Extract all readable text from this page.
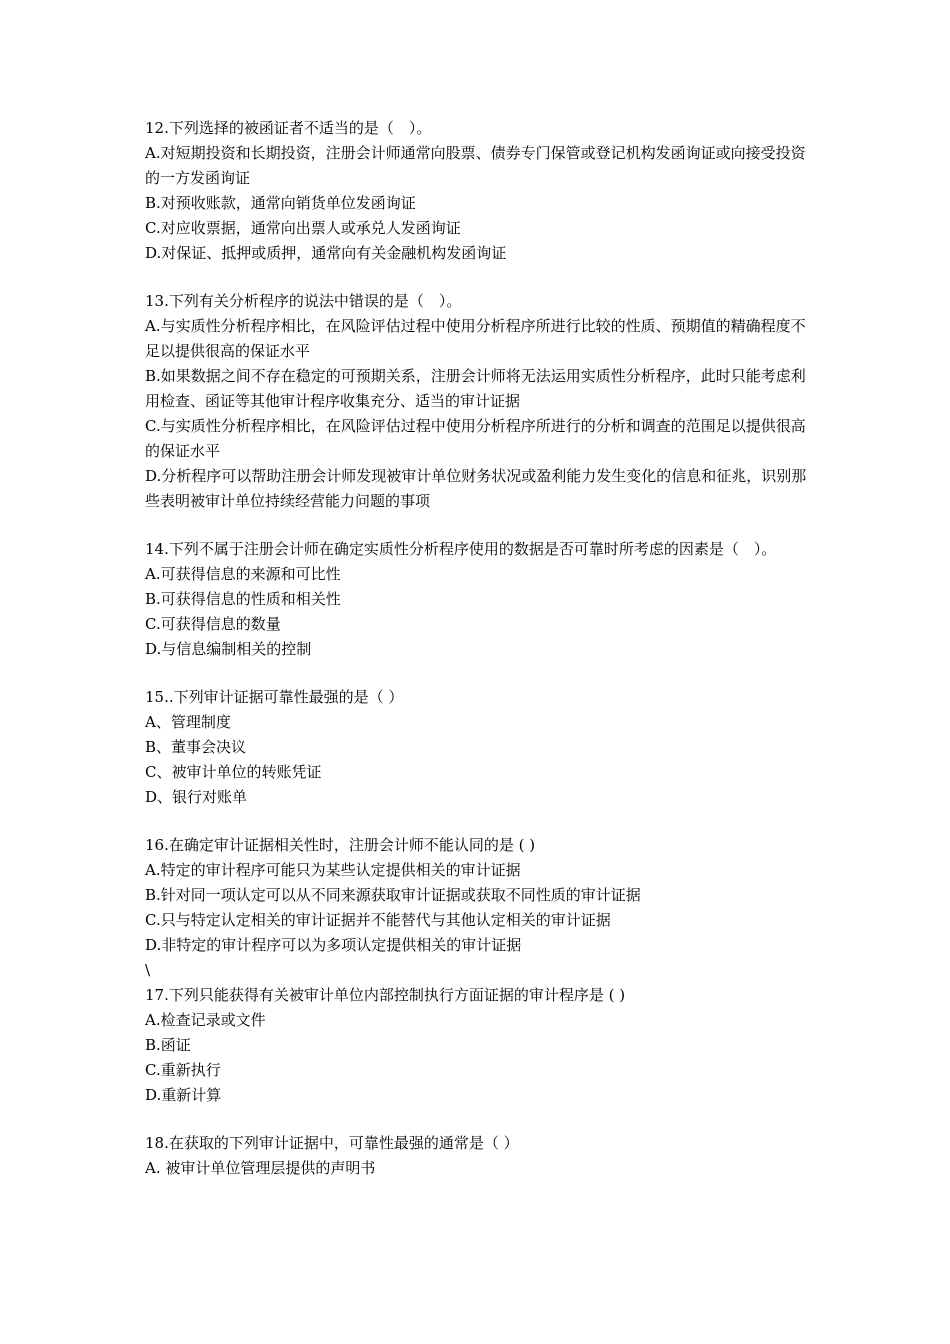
12.下列选择的被函证者不适当的是（　）。
A.对短期投资和长期投资，注册会计师通常向股票、债券专门保管或登记机构发函询证或向接受投资的一方发函询证
B.对预收账款，通常向销货单位发函询证
C.对应收票据，通常向出票人或承兑人发函询证
D.对保证、抵押或质押，通常向有关金融机构发函询证
13.下列有关分析程序的说法中错误的是（　）。
A.与实质性分析程序相比，在风险评估过程中使用分析程序所进行比较的性质、预期值的精确程度不足以提供很高的保证水平
B.如果数据之间不存在稳定的可预期关系，注册会计师将无法运用实质性分析程序，此时只能考虑利用检查、函证等其他审计程序收集充分、适当的审计证据
C.与实质性分析程序相比，在风险评估过程中使用分析程序所进行的分析和调查的范围足以提供很高的保证水平
D.分析程序可以帮助注册会计师发现被审计单位财务状况或盈利能力发生变化的信息和征兆，识别那些表明被审计单位持续经营能力问题的事项
14.下列不属于注册会计师在确定实质性分析程序使用的数据是否可靠时所考虑的因素是（　）。
A.可获得信息的来源和可比性
B.可获得信息的性质和相关性
C.可获得信息的数量
D.与信息编制相关的控制
15..下列审计证据可靠性最强的是（ ）
A、管理制度
B、董事会决议
C、被审计单位的转账凭证
D、银行对账单
16.在确定审计证据相关性时，注册会计师不能认同的是 ( )
A.特定的审计程序可能只为某些认定提供相关的审计证据
B.针对同一项认定可以从不同来源获取审计证据或获取不同性质的审计证据
C.只与特定认定相关的审计证据并不能替代与其他认定相关的审计证据
D.非特定的审计程序可以为多项认定提供相关的审计证据
\
17.下列只能获得有关被审计单位内部控制执行方面证据的审计程序是 ( )
A.检查记录或文件
B.函证
C.重新执行
D.重新计算
18.在获取的下列审计证据中，可靠性最强的通常是（ ）
A. 被审计单位管理层提供的声明书
